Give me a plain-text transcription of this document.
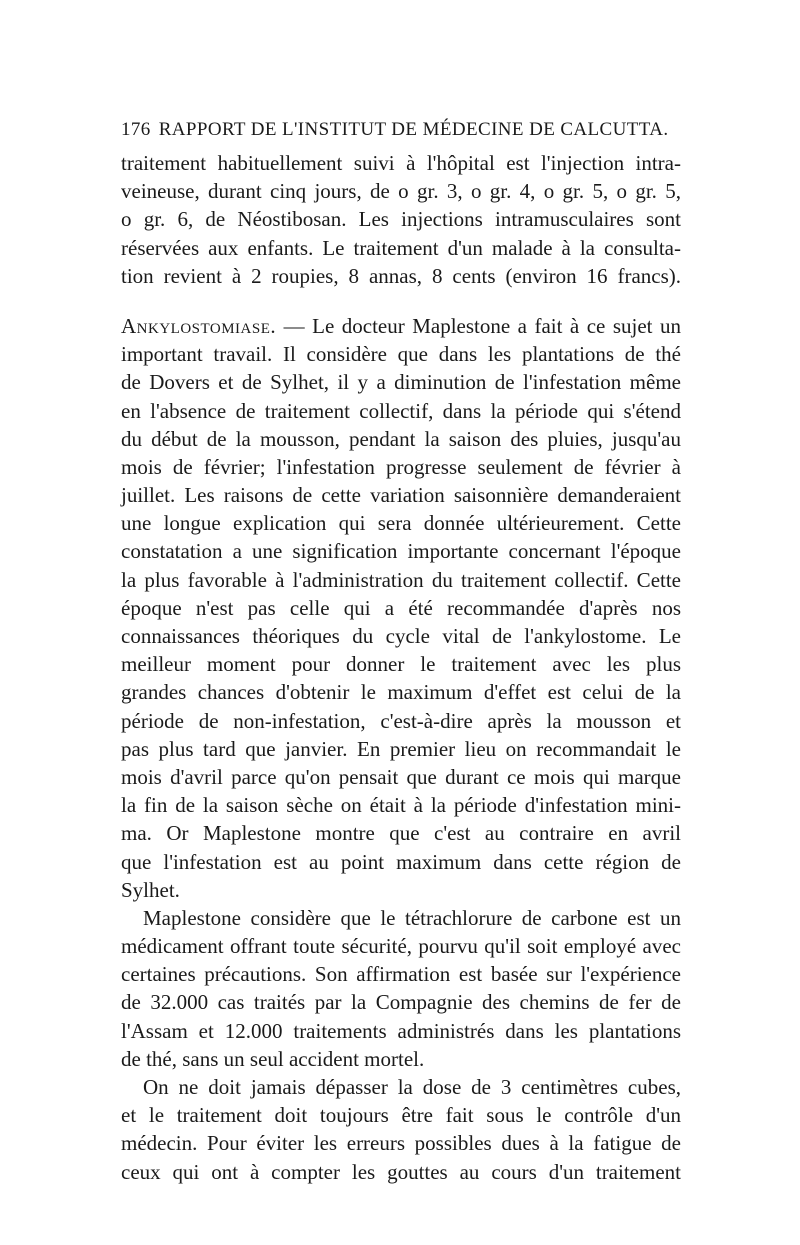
176 RAPPORT DE L'INSTITUT DE MÉDECINE DE CALCUTTA.
traitement habituellement suivi à l'hôpital est l'injection intra-
veineuse, durant cinq jours, de o gr. 3, o gr. 4, o gr. 5, o gr. 5,
o gr. 6, de Néostibosan. Les injections intramusculaires sont
réservées aux enfants. Le traitement d'un malade à la consulta-
tion revient à 2 roupies, 8 annas, 8 cents (environ 16 francs).
Ankylostomiase. — Le docteur Maplestone a fait à ce sujet un
important travail. Il considère que dans les plantations de thé
de Dovers et de Sylhet, il y a diminution de l'infestation même
en l'absence de traitement collectif, dans la période qui s'étend
du début de la mousson, pendant la saison des pluies, jusqu'au
mois de février; l'infestation progresse seulement de février à
juillet. Les raisons de cette variation saisonnière demanderaient
une longue explication qui sera donnée ultérieurement. Cette
constatation a une signification importante concernant l'époque
la plus favorable à l'administration du traitement collectif. Cette
époque n'est pas celle qui a été recommandée d'après nos
connaissances théoriques du cycle vital de l'ankylostome. Le
meilleur moment pour donner le traitement avec les plus
grandes chances d'obtenir le maximum d'effet est celui de la
période de non-infestation, c'est-à-dire après la mousson et
pas plus tard que janvier. En premier lieu on recommandait le
mois d'avril parce qu'on pensait que durant ce mois qui marque
la fin de la saison sèche on était à la période d'infestation mini-
ma. Or Maplestone montre que c'est au contraire en avril
que l'infestation est au point maximum dans cette région de
Sylhet.
Maplestone considère que le tétrachlorure de carbone est un
médicament offrant toute sécurité, pourvu qu'il soit employé avec
certaines précautions. Son affirmation est basée sur l'expérience
de 32.000 cas traités par la Compagnie des chemins de fer de
l'Assam et 12.000 traitements administrés dans les plantations
de thé, sans un seul accident mortel.
On ne doit jamais dépasser la dose de 3 centimètres cubes,
et le traitement doit toujours être fait sous le contrôle d'un
médecin. Pour éviter les erreurs possibles dues à la fatigue de
ceux qui ont à compter les gouttes au cours d'un traitement
